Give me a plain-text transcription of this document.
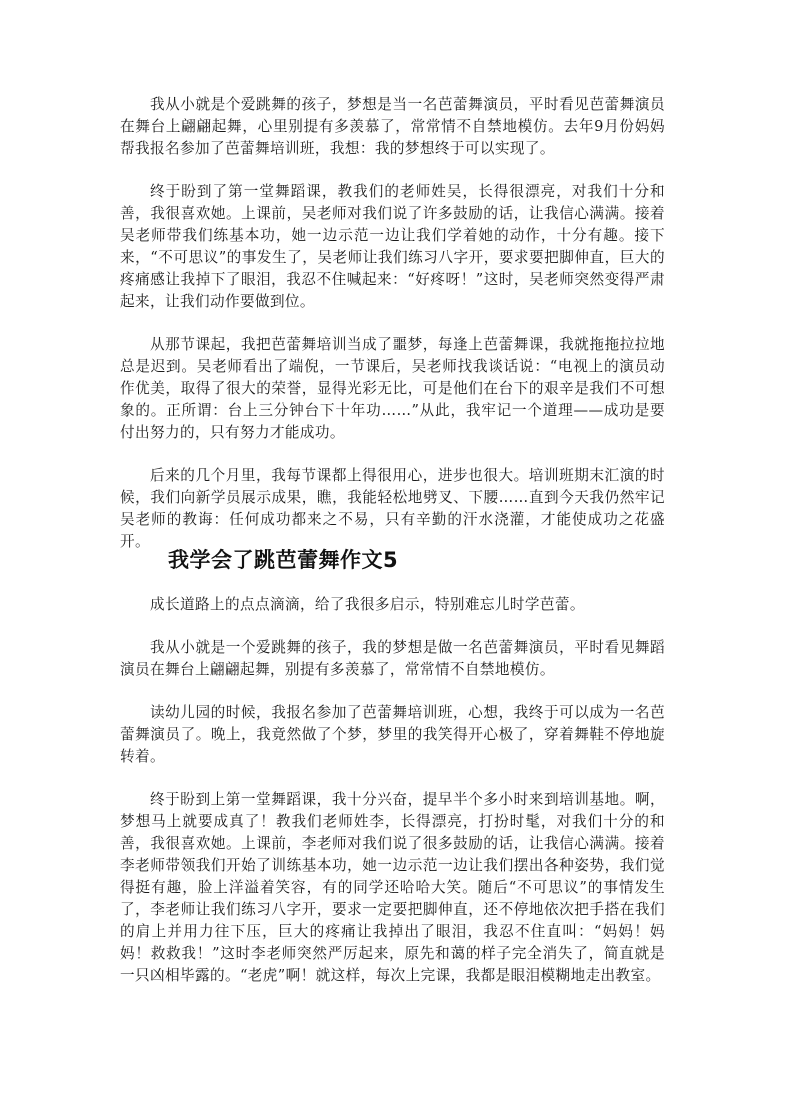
我从小就是个爱跳舞的孩子，梦想是当一名芭蕾舞演员，平时看见芭蕾舞演员在舞台上翩翩起舞，心里别提有多羡慕了，常常情不自禁地模仿。去年9月份妈妈帮我报名参加了芭蕾舞培训班，我想：我的梦想终于可以实现了。

终于盼到了第一堂舞蹈课，教我们的老师姓吴，长得很漂亮，对我们十分和善，我很喜欢她。上课前，吴老师对我们说了许多鼓励的话，让我信心满满。接着吴老师带我们练基本功，她一边示范一边让我们学着她的动作，十分有趣。接下来，“不可思议”的事发生了，吴老师让我们练习八字开，要求要把脚伸直，巨大的疼痛感让我掉下了眼泪，我忍不住喊起来：“好疼呀！”这时，吴老师突然变得严肃起来，让我们动作要做到位。

从那节课起，我把芭蕾舞培训当成了噩梦，每逢上芭蕾舞课，我就拖拖拉拉地总是迟到。吴老师看出了端倪，一节课后，吴老师找我谈话说：“电视上的演员动作优美，取得了很大的荣誉，显得光彩无比，可是他们在台下的艰辛是我们不可想象的。正所谓：台上三分钟台下十年功……”从此，我牢记一个道理——成功是要付出努力的，只有努力才能成功。

后来的几个月里，我每节课都上得很用心，进步也很大。培训班期末汇演的时候，我们向新学员展示成果，瞧，我能轻松地劈叉、下腰……直到今天我仍然牢记吴老师的教诲：任何成功都来之不易，只有辛勤的汗水浇灌，才能使成功之花盛开。

我学会了跳芭蕾舞作文5

成长道路上的点点滴滴，给了我很多启示，特别难忘儿时学芭蕾。

我从小就是一个爱跳舞的孩子，我的梦想是做一名芭蕾舞演员，平时看见舞蹈演员在舞台上翩翩起舞，别提有多羡慕了，常常情不自禁地模仿。

读幼儿园的时候，我报名参加了芭蕾舞培训班，心想，我终于可以成为一名芭蕾舞演员了。晚上，我竟然做了个梦，梦里的我笑得开心极了，穿着舞鞋不停地旋转着。

终于盼到上第一堂舞蹈课，我十分兴奋，提早半个多小时来到培训基地。啊，梦想马上就要成真了！教我们老师姓李，长得漂亮，打扮时髦，对我们十分的和善，我很喜欢她。上课前，李老师对我们说了很多鼓励的话，让我信心满满。接着李老师带领我们开始了训练基本功，她一边示范一边让我们摆出各种姿势，我们觉得挺有趣，脸上洋溢着笑容，有的同学还哈哈大笑。随后“不可思议”的事情发生了，李老师让我们练习八字开，要求一定要把脚伸直，还不停地依次把手搭在我们的肩上并用力往下压，巨大的疼痛让我掉出了眼泪，我忍不住直叫：“妈妈！妈妈！救救我！”这时李老师突然严厉起来，原先和蔼的样子完全消失了，简直就是一只凶相毕露的。“老虎”啊！就这样，每次上完课，我都是眼泪模糊地走出教室。
